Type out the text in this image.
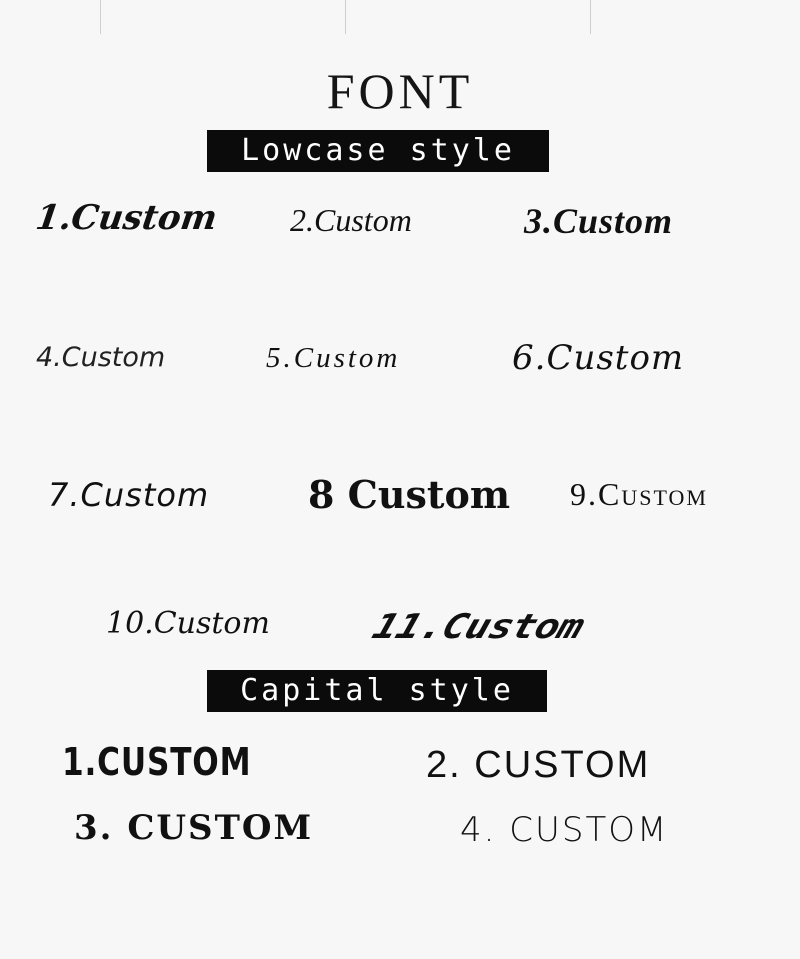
FONT
Lowcase style
1.Custom 2.Custom	3.Custom
4.Custom	5.Custom	6.Custom
7.Custom	8 Custom 9.Custom
10.Custom 11.Custom
Capital style
1.CUSTOM	2. CUSTOM
3. CUSTOM	4. CUSTOM
